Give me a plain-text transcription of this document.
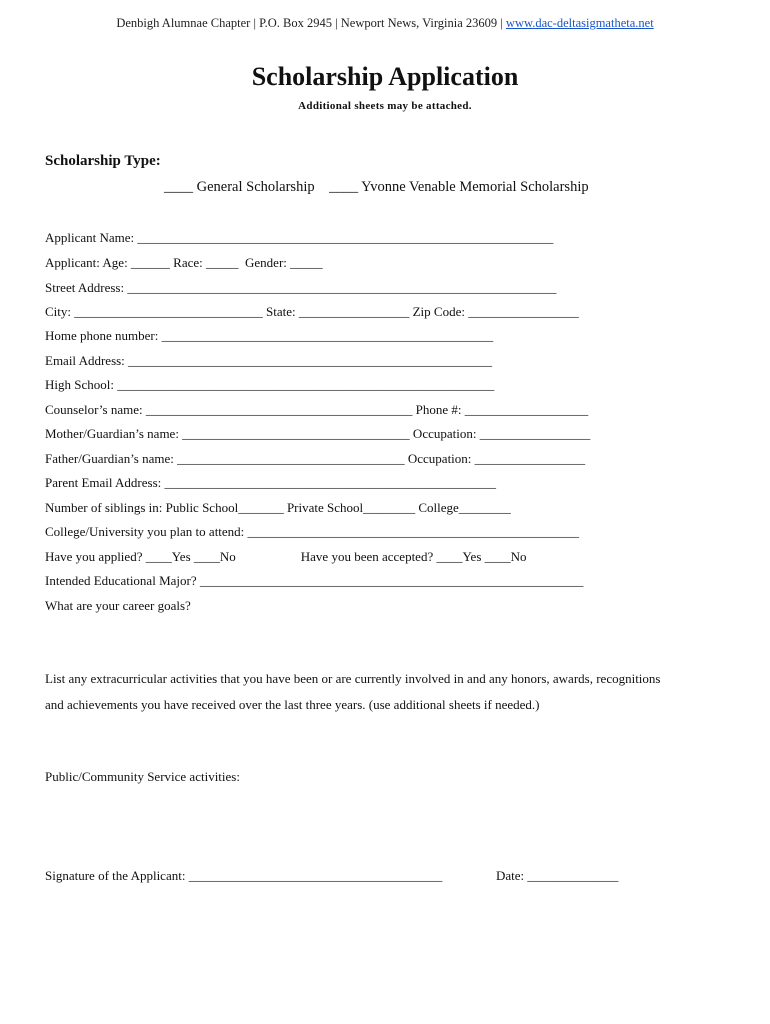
Denbigh Alumnae Chapter | P.O. Box 2945 | Newport News, Virginia 23609 | www.dac-deltasigmatheta.net
Scholarship Application
Additional sheets may be attached.
Scholarship Type:
____ General Scholarship    ____ Yvonne Venable Memorial Scholarship
Applicant Name: ________________________________________________________________
Applicant: Age: ______ Race: _____  Gender: _____
Street Address: __________________________________________________________________
City: _____________________________ State: _________________ Zip Code: _________________
Home phone number: ___________________________________________________
Email Address: ________________________________________________________
High School: __________________________________________________________
Counselor’s name: _________________________________________ Phone #: ___________________
Mother/Guardian’s name: ___________________________________ Occupation: _________________
Father/Guardian’s name: ___________________________________ Occupation: _________________
Parent Email Address: ___________________________________________________
Number of siblings in: Public School_______ Private School________ College________
College/University you plan to attend: ___________________________________________________
Have you applied? ____Yes ____No                    Have you been accepted? ____Yes ____No
Intended Educational Major? ___________________________________________________________
What are your career goals?
List any extracurricular activities that you have been or are currently involved in and any honors, awards, recognitions
and achievements you have received over the last three years. (use additional sheets if needed.)
Public/Community Service activities:
Signature of the Applicant: _______________________________________	Date: ______________
